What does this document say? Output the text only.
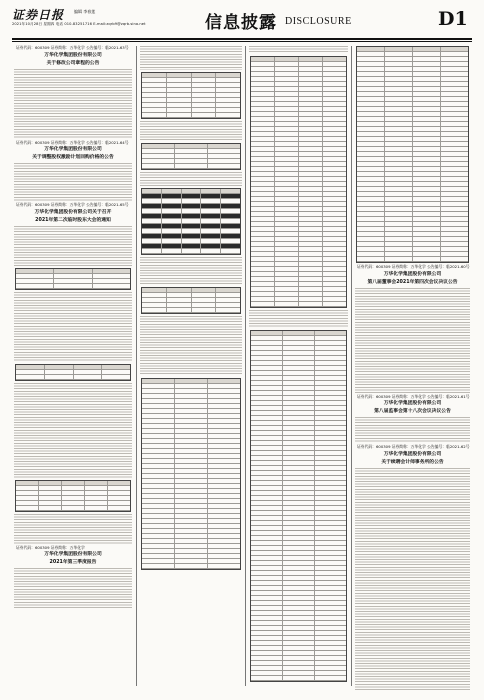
证券日报 编辑 李春莲
2021年10月28日 星期四 电话 010-83251716 E-mail:zqrb9@zqrb.sina.net	信息披露 DISCLOSURE	D1
证券代码：600309 证券简称：万华化学 公告编号：临2021-63号
万华化学集团股份有限公司
关于修改公司章程的公告
证券代码：600309 证券简称：万华化学 公告编号：临2021-64号
万华化学集团股份有限公司
关于调整股权激励计划回购价格的公告
证券代码：600309 证券简称：万华化学 公告编号：临2021-65号
万华化学集团股份有限公司关于召开
2021年第二次临时股东大会的通知
证券代码：600309 证券简称：万华化学
万华化学集团股份有限公司
2021年第三季度报告
证券代码：600309 证券简称：万华化学 公告编号：临2021-60号
万华化学集团股份有限公司
第八届董事会2021年第四次会议决议公告
证券代码：600309 证券简称：万华化学 公告编号：临2021-61号
万华化学集团股份有限公司
第八届监事会第十八次会议决议公告
证券代码：600309 证券简称：万华化学 公告编号：临2021-62号
万华化学集团股份有限公司
关于续聘会计师事务所的公告
